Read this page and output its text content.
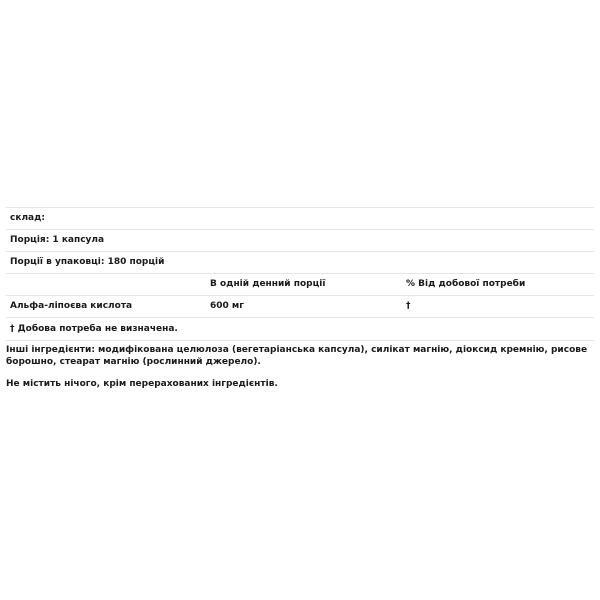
склад:		
Порція: 1 капсула		
Порції в упаковці: 180 порцій		
	В одній денний порції	% Від добової потреби
Альфа-ліпоєва кислота	600 мг	†
† Добова потреба не визначена.		

Інші інгредієнти: модифікована целюлоза (вегетаріанська капсула), силікат магнію, діоксид кремнію, рисове борошно, стеарат магнію (рослинний джерело).

Не містить нічого, крім перерахованих інгредієнтів.
